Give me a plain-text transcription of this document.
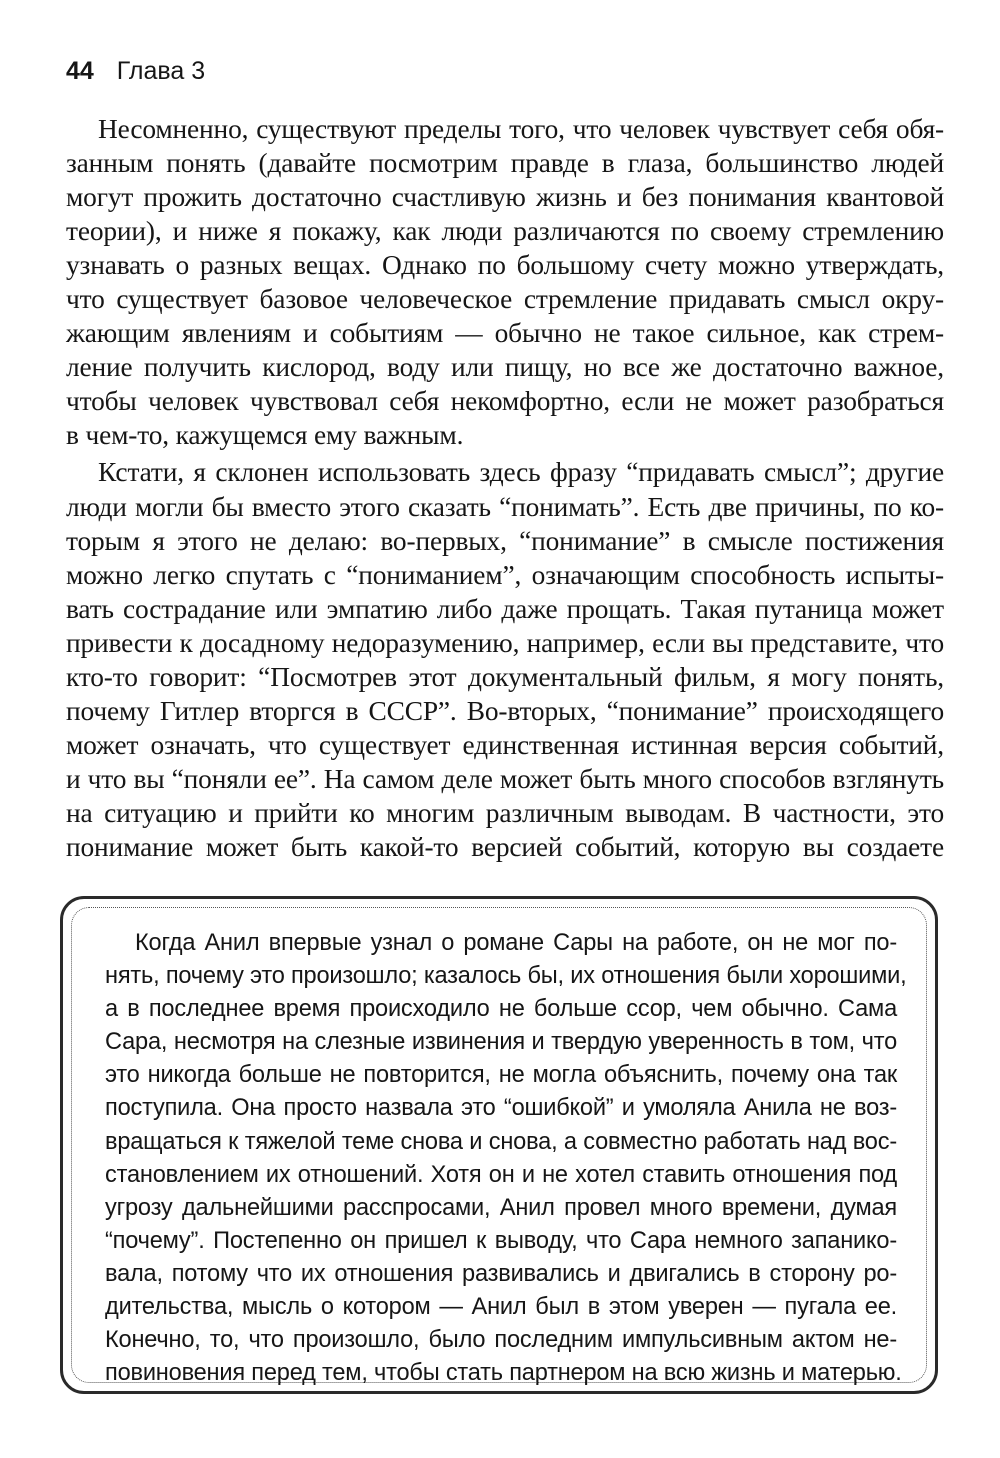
44 Глава 3

Несомненно, существуют пределы того, что человек чувствует себя обя-
занным понять (давайте посмотрим правде в глаза, большинство людей
могут прожить достаточно счастливую жизнь и без понимания квантовой
теории), и ниже я покажу, как люди различаются по своему стремлению
узнавать о разных вещах. Однако по большому счету можно утверждать,
что существует базовое человеческое стремление придавать смысл окру-
жающим явлениям и событиям — обычно не такое сильное, как стрем-
ление получить кислород, воду или пищу, но все же достаточно важное,
чтобы человек чувствовал себя некомфортно, если не может разобраться
в чем-то, кажущемся ему важным.

Кстати, я склонен использовать здесь фразу “придавать смысл”; другие
люди могли бы вместо этого сказать “понимать”. Есть две причины, по ко-
торым я этого не делаю: во-первых, “понимание” в смысле постижения
можно легко спутать с “пониманием”, означающим способность испыты-
вать сострадание или эмпатию либо даже прощать. Такая путаница может
привести к досадному недоразумению, например, если вы представите, что
кто-то говорит: “Посмотрев этот документальный фильм, я могу понять,
почему Гитлер вторгся в СССР”. Во-вторых, “понимание” происходящего
может означать, что существует единственная истинная версия событий,
и что вы “поняли ее”. На самом деле может быть много способов взглянуть
на ситуацию и прийти ко многим различным выводам. В частности, это
понимание может быть какой-то версией событий, которую вы создаете

Когда Анил впервые узнал о романе Сары на работе, он не мог по-
нять, почему это произошло; казалось бы, их отношения были хорошими,
а в последнее время происходило не больше ссор, чем обычно. Сама
Сара, несмотря на слезные извинения и твердую уверенность в том, что
это никогда больше не повторится, не могла объяснить, почему она так
поступила. Она просто назвала это “ошибкой” и умоляла Анила не воз-
вращаться к тяжелой теме снова и снова, а совместно работать над вос-
становлением их отношений. Хотя он и не хотел ставить отношения под
угрозу дальнейшими расспросами, Анил провел много времени, думая
“почему”. Постепенно он пришел к выводу, что Сара немного запанико-
вала, потому что их отношения развивались и двигались в сторону ро-
дительства, мысль о котором — Анил был в этом уверен — пугала ее.
Конечно, то, что произошло, было последним импульсивным актом не-
повиновения перед тем, чтобы стать партнером на всю жизнь и матерью.
